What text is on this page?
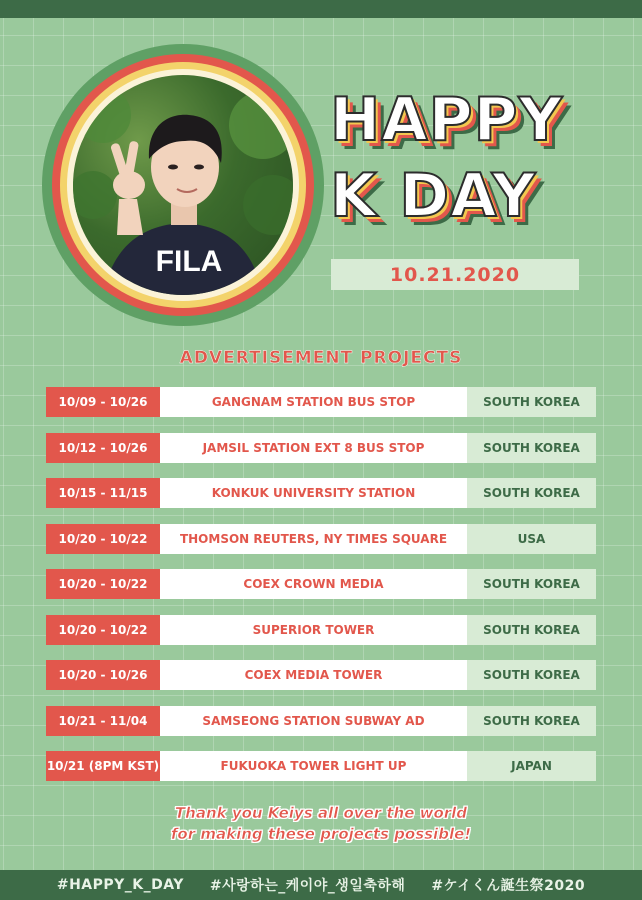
FILA
HAPPY
K DAY
10.21.2020
ADVERTISEMENT PROJECTS
10/09 - 10/26	GANGNAM STATION BUS STOP	SOUTH KOREA
10/12 - 10/26	JAMSIL STATION EXT 8 BUS STOP	SOUTH KOREA
10/15 - 11/15	KONKUK UNIVERSITY STATION	SOUTH KOREA
10/20 - 10/22	THOMSON REUTERS, NY TIMES SQUARE	USA
10/20 - 10/22	COEX CROWN MEDIA	SOUTH KOREA
10/20 - 10/22	SUPERIOR TOWER	SOUTH KOREA
10/20 - 10/26	COEX MEDIA TOWER	SOUTH KOREA
10/21 - 11/04	SAMSEONG STATION SUBWAY AD	SOUTH KOREA
10/21 (8PM KST)	FUKUOKA TOWER LIGHT UP	JAPAN
Thank you Keiys all over the world
for making these projects possible!
#HAPPY_K_DAY #사랑하는_케이야_생일축하해 #ケイくん誕生祭2020
